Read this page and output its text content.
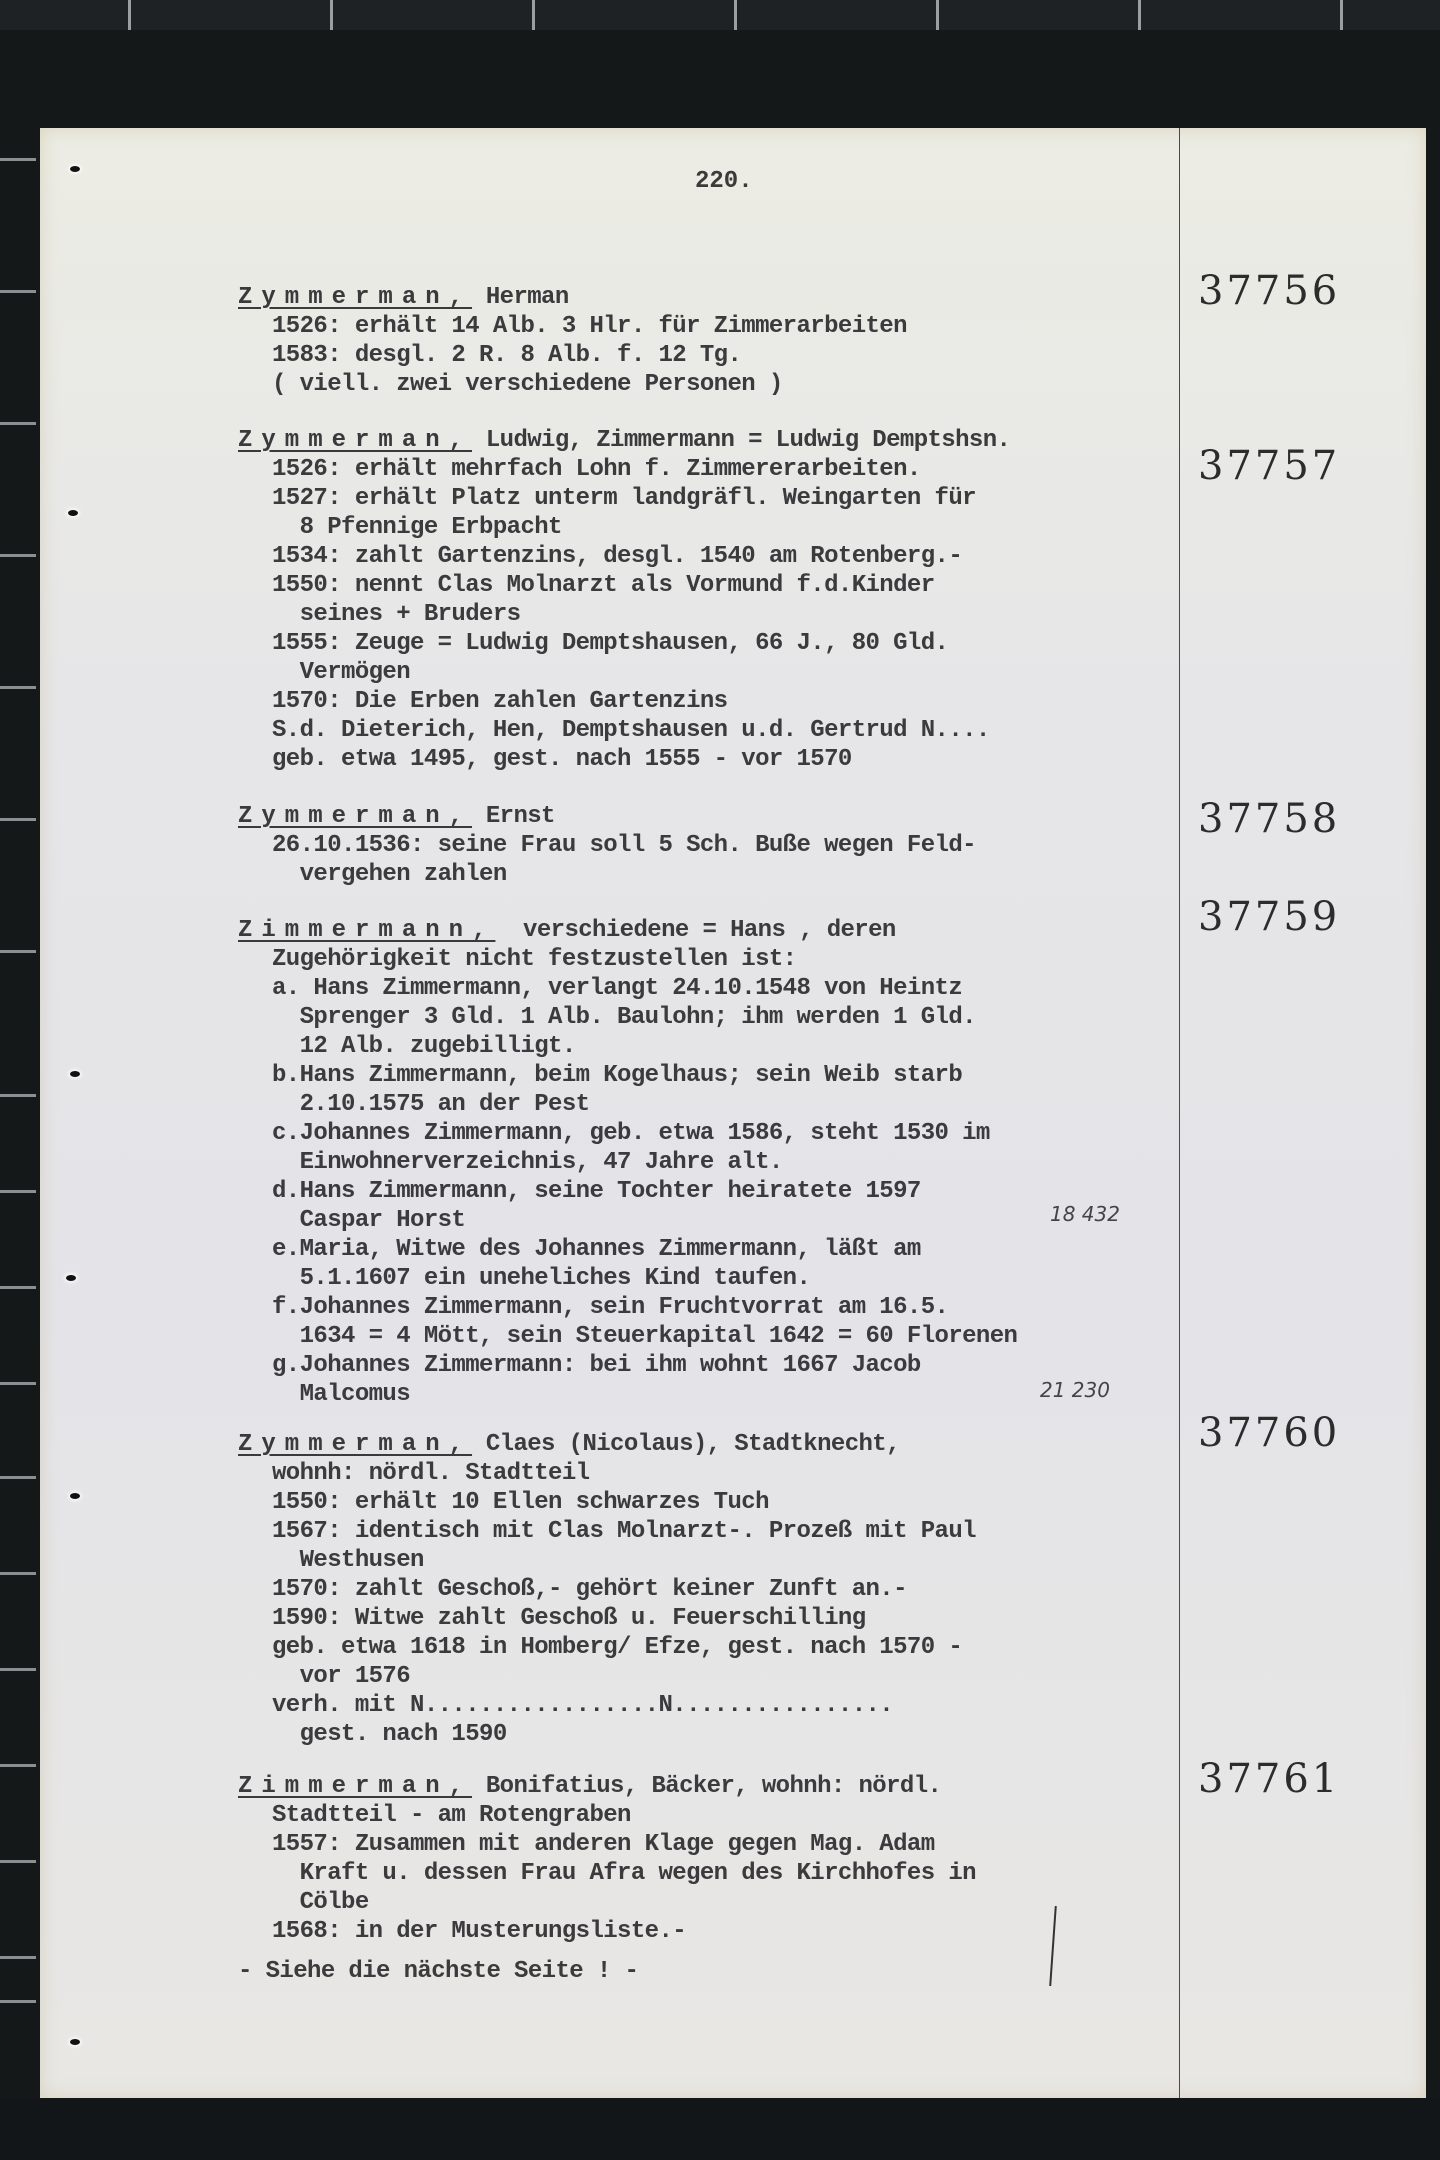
220.
37756
Zymmerman, Herman
1526: erhält 14 Alb. 3 Hlr. für Zimmerarbeiten
1583: desgl. 2 R. 8 Alb. f. 12 Tg.
( viell. zwei verschiedene Personen )
37757
Zymmerman, Ludwig, Zimmermann = Ludwig Demptshsn.
1526: erhält mehrfach Lohn f. Zimmererarbeiten.
1527: erhält Platz unterm landgräfl. Weingarten für
8 Pfennige Erbpacht
1534: zahlt Gartenzins, desgl. 1540 am Rotenberg.-
1550: nennt Clas Molnarzt als Vormund f.d.Kinder
seines + Bruders
1555: Zeuge = Ludwig Demptshausen, 66 J., 80 Gld.
Vermögen
1570: Die Erben zahlen Gartenzins
S.d. Dieterich, Hen, Demptshausen u.d. Gertrud N....
geb. etwa 1495, gest. nach 1555 - vor 1570
37758
Zymmerman, Ernst
26.10.1536: seine Frau soll 5 Sch. Buße wegen Feld-
vergehen zahlen
37759
Zimmermann,  verschiedene = Hans , deren
Zugehörigkeit nicht festzustellen ist:
a. Hans Zimmermann, verlangt 24.10.1548 von Heintz
Sprenger 3 Gld. 1 Alb. Baulohn; ihm werden 1 Gld.
12 Alb. zugebilligt.
b.Hans Zimmermann, beim Kogelhaus; sein Weib starb
2.10.1575 an der Pest
c.Johannes Zimmermann, geb. etwa 1586, steht 1530 im
Einwohnerverzeichnis, 47 Jahre alt.
d.Hans Zimmermann, seine Tochter heiratete 1597
Caspar Horst
e.Maria, Witwe des Johannes Zimmermann, läßt am
5.1.1607 ein uneheliches Kind taufen.
f.Johannes Zimmermann, sein Fruchtvorrat am 16.5.
1634 = 4 Mött, sein Steuerkapital 1642 = 60 Florenen
g.Johannes Zimmermann: bei ihm wohnt 1667 Jacob
Malcomus
18 432
21 230
37760
Zymmerman, Claes (Nicolaus), Stadtknecht,
wohnh: nördl. Stadtteil
1550: erhält 10 Ellen schwarzes Tuch
1567: identisch mit Clas Molnarzt-. Prozeß mit Paul
Westhusen
1570: zahlt Geschoß,- gehört keiner Zunft an.-
1590: Witwe zahlt Geschoß u. Feuerschilling
geb. etwa 1618 in Homberg/ Efze, gest. nach 1570 -
vor 1576
verh. mit N.................N................
gest. nach 1590
37761
Zimmerman, Bonifatius, Bäcker, wohnh: nördl.
Stadtteil - am Rotengraben
1557: Zusammen mit anderen Klage gegen Mag. Adam
Kraft u. dessen Frau Afra wegen des Kirchhofes in
Cölbe
1568: in der Musterungsliste.-
- Siehe die nächste Seite ! -
